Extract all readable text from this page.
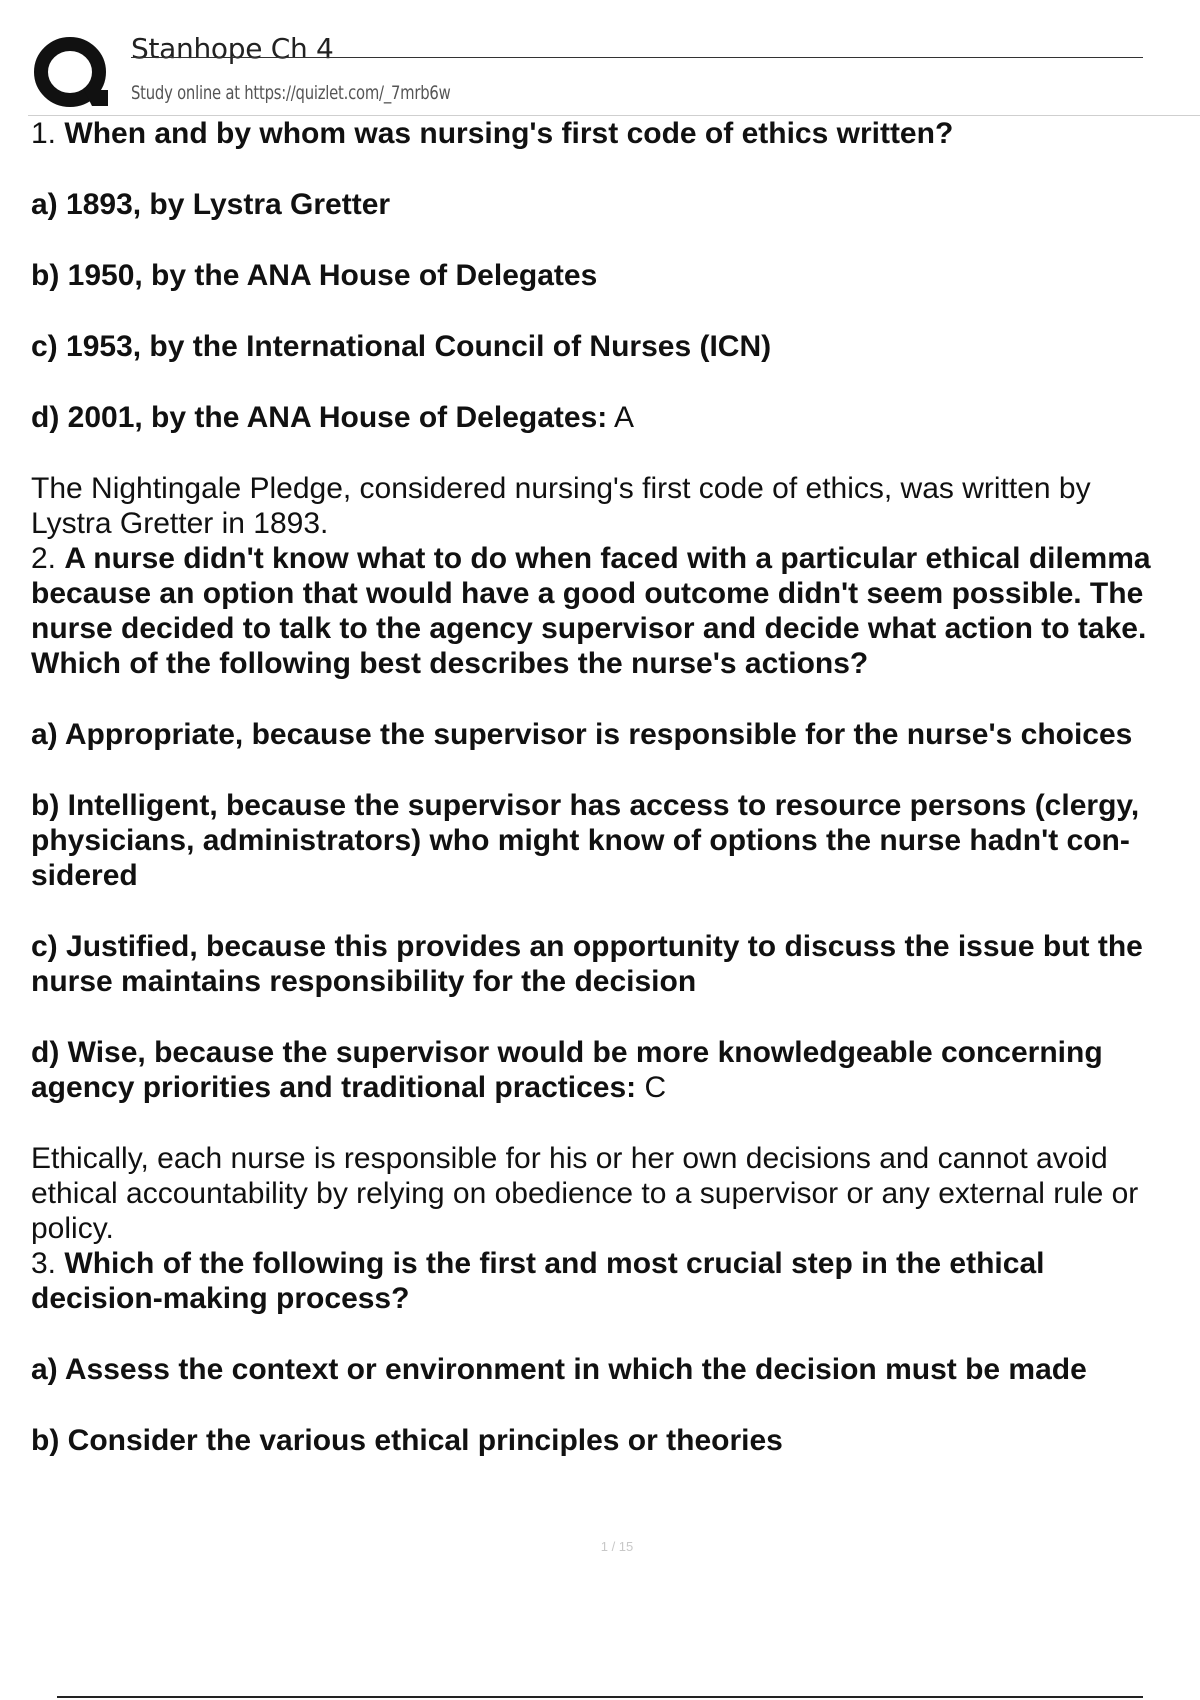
Stanhope Ch 4
Study online at https://quizlet.com/_7mrb6w

1. When and by whom was nursing's first code of ethics written?

a) 1893, by Lystra Gretter

b) 1950, by the ANA House of Delegates

c) 1953, by the International Council of Nurses (ICN)

d) 2001, by the ANA House of Delegates: A

The Nightingale Pledge, considered nursing's first code of ethics, was written by
Lystra Gretter in 1893.
2. A nurse didn't know what to do when faced with a particular ethical dilemma
because an option that would have a good outcome didn't seem possible. The
nurse decided to talk to the agency supervisor and decide what action to take.
Which of the following best describes the nurse's actions?
a) Appropriate, because the supervisor is responsible for the nurse's choices
b) Intelligent, because the supervisor has access to resource persons (clergy,
physicians, administrators) who might know of options the nurse hadn't con-
sidered
c) Justified, because this provides an opportunity to discuss the issue but the
nurse maintains responsibility for the decision
d) Wise, because the supervisor would be more knowledgeable concerning
agency priorities and traditional practices: C
Ethically, each nurse is responsible for his or her own decisions and cannot avoid
ethical accountability by relying on obedience to a supervisor or any external rule or
policy.
3. Which of the following is the first and most crucial step in the ethical
decision-making process?

a) Assess the context or environment in which the decision must be made

b) Consider the various ethical principles or theories

1 / 15
